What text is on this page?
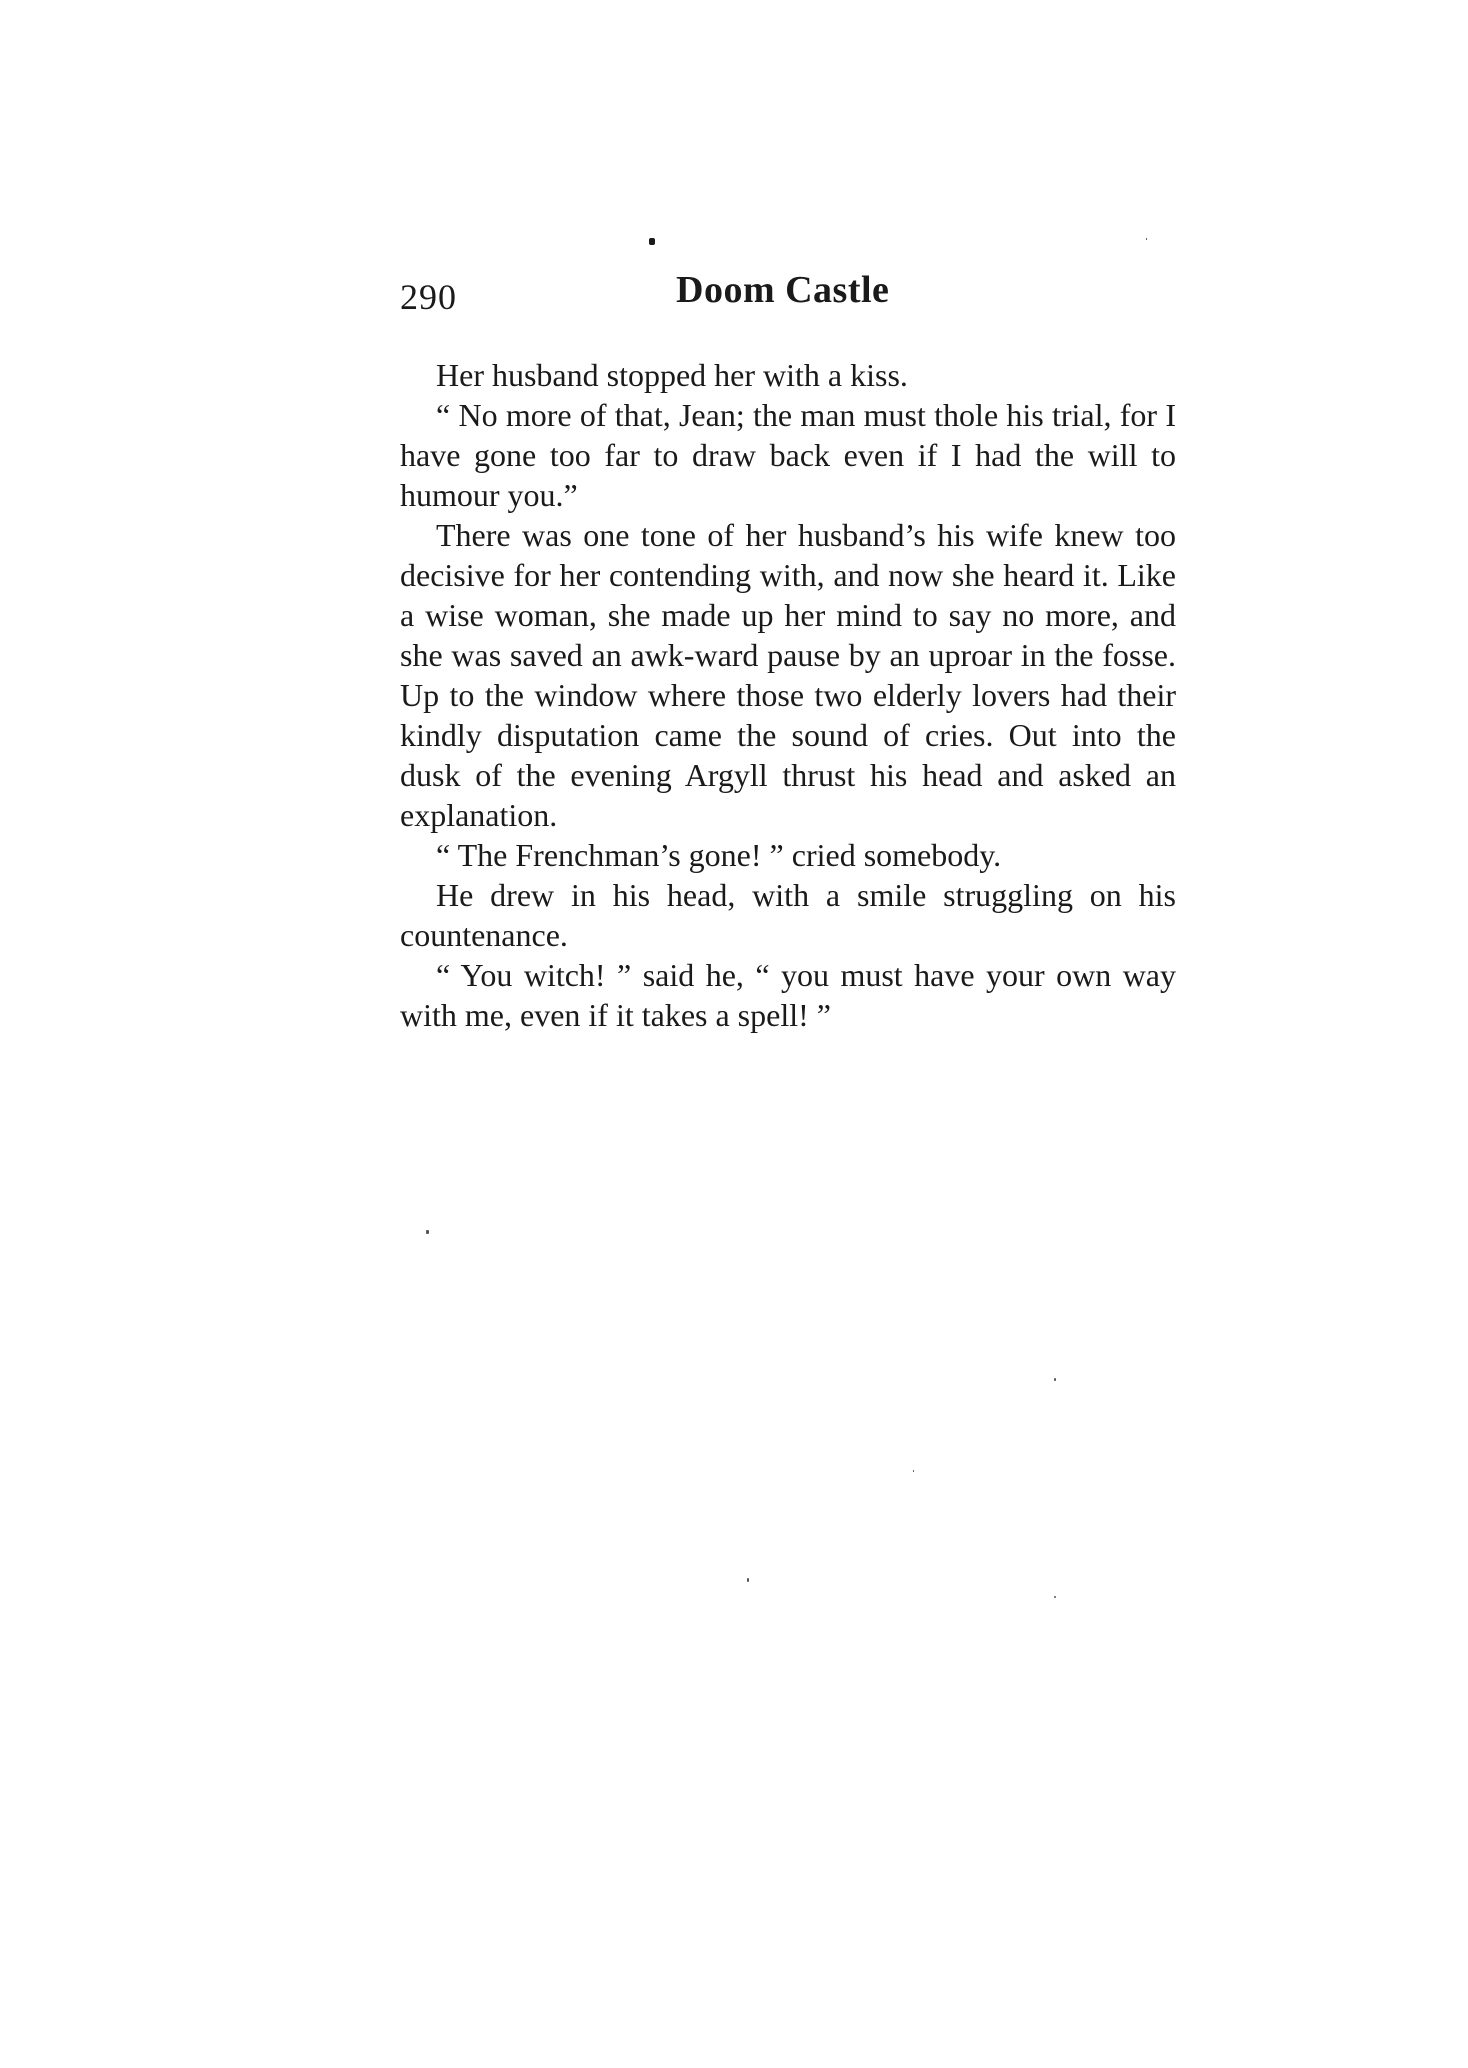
290	Doom Castle

Her husband stopped her with a kiss.

“ No more of that, Jean; the man must thole his trial, for I have gone too far to draw back even if I had the will to humour you.”

There was one tone of her husband’s his wife knew too decisive for her contending with, and now she heard it. Like a wise woman, she made up her mind to say no more, and she was saved an awk-ward pause by an uproar in the fosse. Up to the window where those two elderly lovers had their kindly disputation came the sound of cries. Out into the dusk of the evening Argyll thrust his head and asked an explanation.

“ The Frenchman’s gone! ” cried somebody.

He drew in his head, with a smile struggling on his countenance.

“ You witch! ” said he, “ you must have your own way with me, even if it takes a spell! ”
